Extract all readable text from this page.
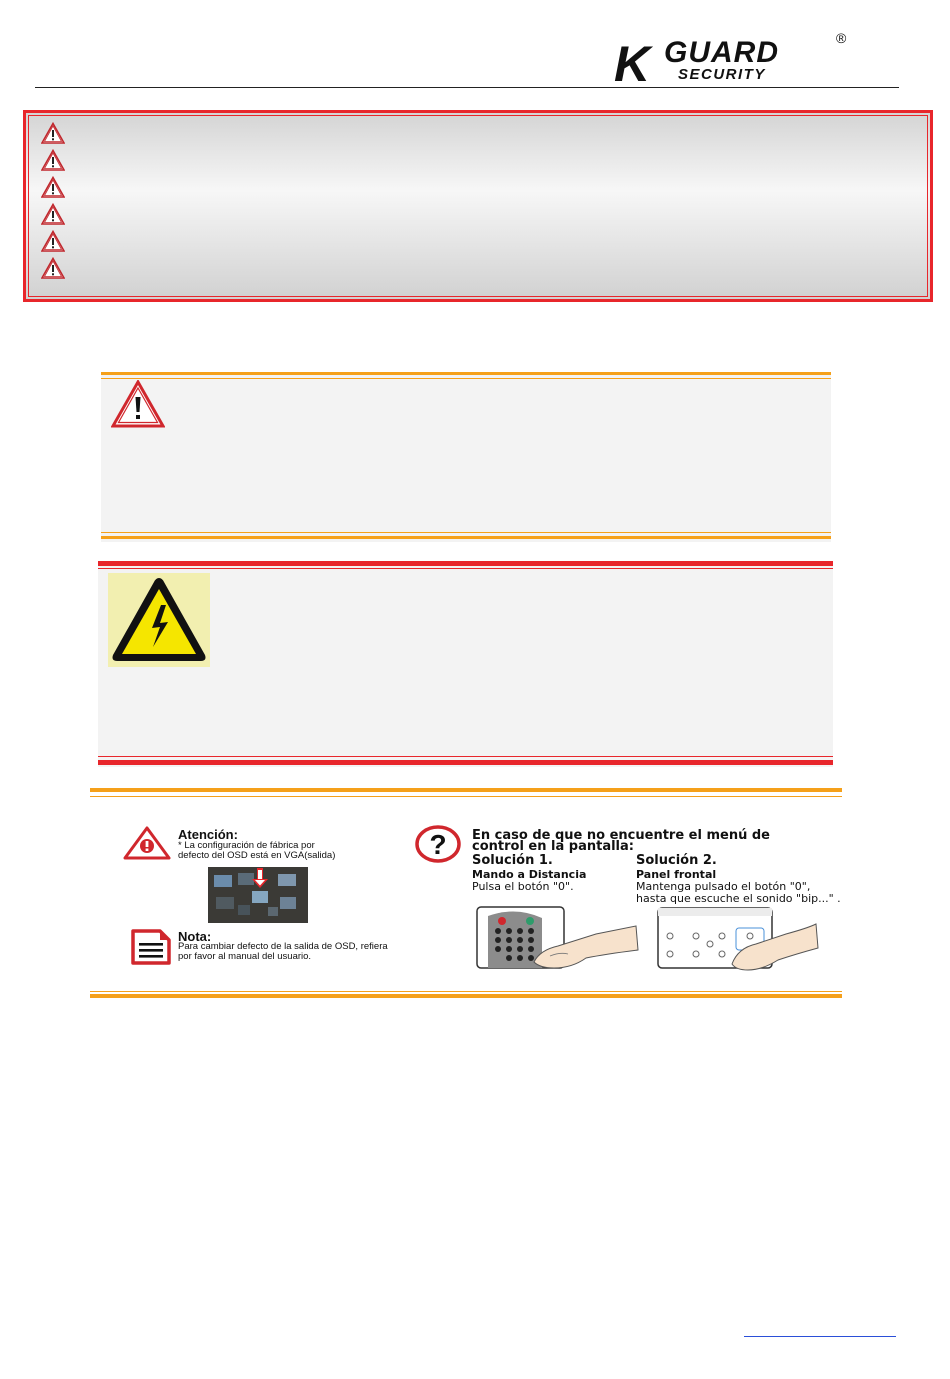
K GUARD
SECURITY
®
Atención:
* La configuración de fábrica por
defecto del OSD está en VGA(salida)
Nota:
Para cambiar defecto de la salida de OSD, refiera
por favor al manual del usuario.
? En caso de que no encuentre el menú de
control en la pantalla:
Solución 1.
Mando a Distancia
Pulsa el botón "0".
Solución 2.
Panel frontal
Mantenga pulsado el botón "0",
hasta que escuche el sonido "bip..." .
